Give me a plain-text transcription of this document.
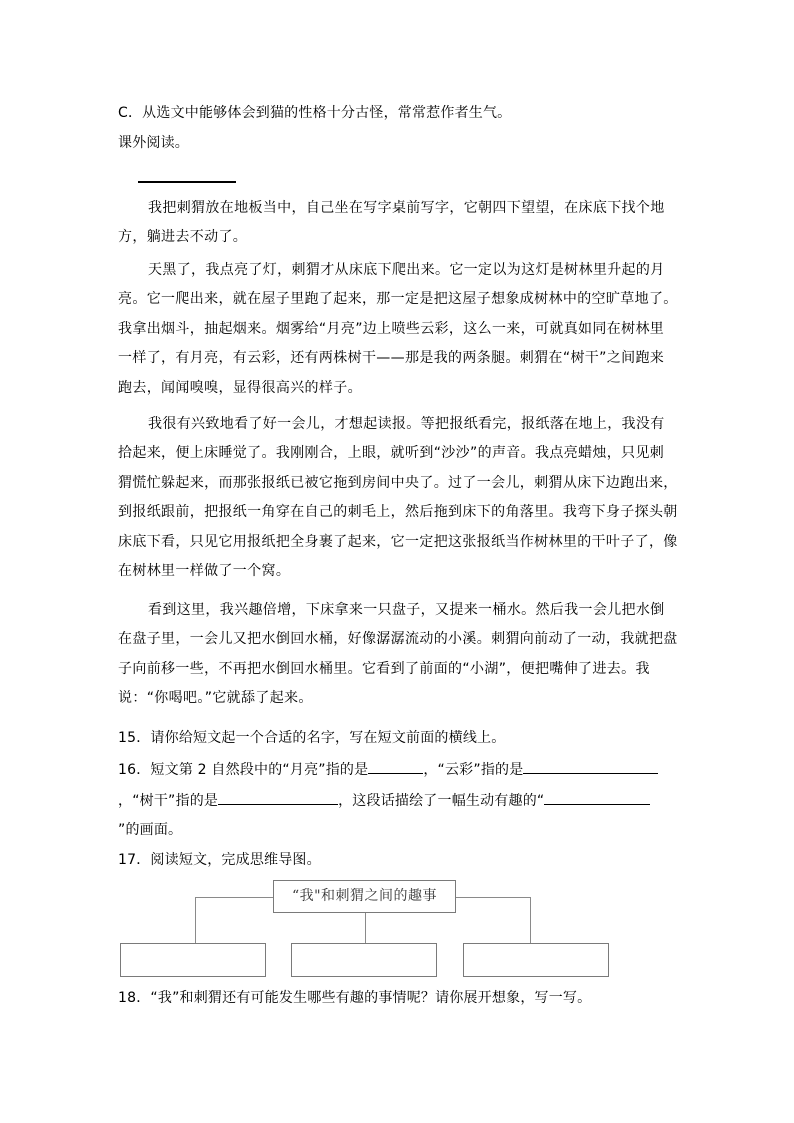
C．从选文中能够体会到猫的性格十分古怪，常常惹作者生气。
课外阅读。
我把刺猬放在地板当中，自己坐在写字桌前写字，它朝四下望望，在床底下找个地方，躺进去不动了。
天黑了，我点亮了灯，刺猬才从床底下爬出来。它一定以为这灯是树林里升起的月亮。它一爬出来，就在屋子里跑了起来，那一定是把这屋子想象成树林中的空旷草地了。我拿出烟斗，抽起烟来。烟雾给“月亮”边上喷些云彩，这么一来，可就真如同在树林里一样了，有月亮，有云彩，还有两株树干——那是我的两条腿。刺猬在“树干”之间跑来跑去，闻闻嗅嗅，显得很高兴的样子。
我很有兴致地看了好一会儿，才想起读报。等把报纸看完，报纸落在地上，我没有拾起来，便上床睡觉了。我刚刚合，上眼，就听到“沙沙”的声音。我点亮蜡烛，只见刺猬慌忙躲起来，而那张报纸已被它拖到房间中央了。过了一会儿，刺猬从床下边跑出来，到报纸跟前，把报纸一角穿在自己的刺毛上，然后拖到床下的角落里。我弯下身子探头朝床底下看，只见它用报纸把全身裹了起来，它一定把这张报纸当作树林里的干叶子了，像在树林里一样做了一个窝。
看到这里，我兴趣倍增，下床拿来一只盘子，又提来一桶水。然后我一会儿把水倒在盘子里，一会儿又把水倒回水桶，好像潺潺流动的小溪。刺猬向前动了一动，我就把盘子向前移一些，不再把水倒回水桶里。它看到了前面的“小湖”，便把嘴伸了进去。我说：“你喝吧。”它就舔了起来。
15．请你给短文起一个合适的名字，写在短文前面的横线上。
16．短文第 2 自然段中的“月亮”指的是	，“云彩”指的是
，“树干”指的是	，这段话描绘了一幅生动有趣的“
”的画面。
17．阅读短文，完成思维导图。
“我"和刺猬之间的趣事
18．“我”和刺猬还有可能发生哪些有趣的事情呢？请你展开想象，写一写。
